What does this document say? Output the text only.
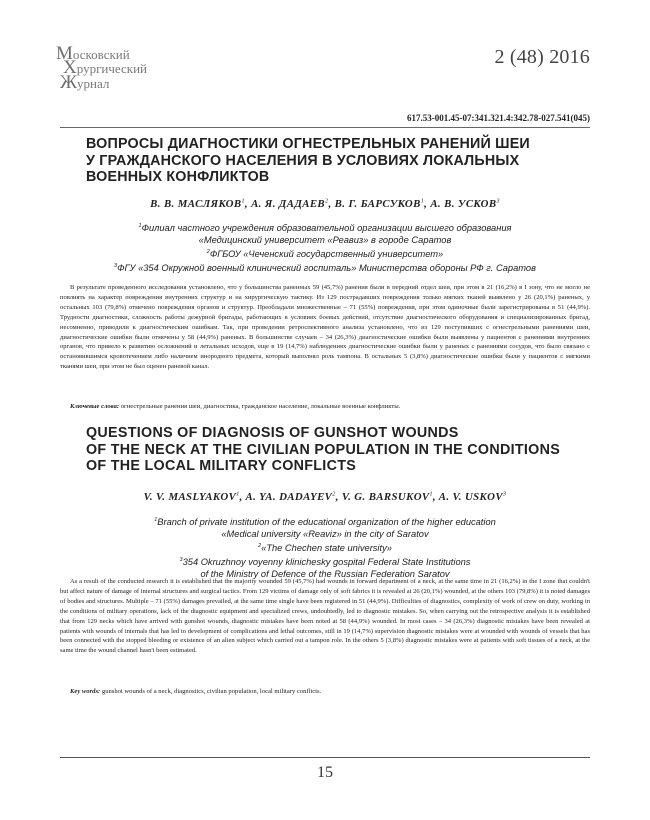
Московский
Хрургический
Журнал
2 (48) 2016
617.53-001.45-07:341.321.4:342.78-027.541(045)
ВОПРОСЫ ДИАГНОСТИКИ ОГНЕСТРЕЛЬНЫХ РАНЕНИЙ ШЕИ
У ГРАЖДАНСКОГО НАСЕЛЕНИЯ В УСЛОВИЯХ ЛОКАЛЬНЫХ
ВОЕННЫХ КОНФЛИКТОВ
В. В. МАСЛЯКОВ$^1$, А. Я. ДАДАЕВ$^2$, В. Г. БАРСУКОВ$^1$, А. В. УСКОВ$^3$
$^1$Филиал частного учреждения образовательной организации высшего образования
«Медицинский университет «Реавиз» в городе Саратов
$^2$ФГБОУ «Чеченский государственный университет»
$^3$ФГУ «354 Окружной военный клинический госпиталь» Министерства обороны РФ г. Саратов

В результате проведенного исследования установлено, что у большинства раненных 59 (45,7%) ранения были в передний отдел шеи, при этом в 21 (16,2%) в I зону, что не могло не повлиять на характер повреждения внутренних структур и на хирургическую тактику. Из 129 пострадавших повреждения только мягких тканей выявлено у 26 (20,1%) раненых, у остальных 103 (79,8%) отмечено повреждения органов и структур. Преобладали множественные – 71 (55%) повреждения, при этом одиночные были зарегистрированы в 51 (44,9%). Трудности диагностики, сложность работы дежурной бригады, работающих в условиях боевых действий, отсутствие диагностического оборудования и специализированных бригад, несомненно, приводили к диагностическим ошибкам. Так, при проведении ретроспективного анализа установлено, что из 129 поступивших с огнестрельными ранениями шеи, диагностические ошибки были отмечены у 58 (44,9%) раненых. В большинстве случаев – 34 (26,3%) диагностические ошибки были выявлены у пациентов с ранениями внутренних органов, что привело к развитию осложнений и летальных исходов, еще в 19 (14,7%) наблюдениях диагностические ошибки были у раненых с ранениями сосудов, что было связано с остановившимся кровотечением либо наличием инородного предмета, который выполнял роль тампона. В остальных 5 (3,8%) диагностические ошибки были у пациентов с мягкими тканями шеи, при этом не был оценен раневой канал.

Ключевые слова: огнестрельные ранения шеи, диагностика, гражданское население, локальные военные конфликты.
QUESTIONS OF DIAGNOSIS OF GUNSHOT WOUNDS
OF THE NECK AT THE CIVILIAN POPULATION IN THE CONDITIONS
OF THE LOCAL MILITARY CONFLICTS
V. V. MASLYAKOV$^1$, A. YA. DADAYEV$^2$, V. G. BARSUKOV$^1$, A. V. USKOV$^3$
$^1$Branch of private institution of the educational organization of the higher education
«Medical university «Reaviz» in the city of Saratov
$^2$«The Chechen state university»
$^3$354 Okruzhnoy voyenny klinichesky gospital Federal State Institutions
of the Ministry of Defence of the Russian Federation Saratov

As a result of the conducted research it is established that the majority wounded 59 (45,7%) had wounds in forward department of a neck, at the same time in 21 (16,2%) in the I zone that couldn't but affect nature of damage of internal structures and surgical tactics. From 129 victims of damage only of soft fabrics it is revealed at 26 (20,1%) wounded, at the others 103 (79,8%) it is noted damages of bodies and structures. Multiple – 71 (55%) damages prevailed, at the same time single have been registered in 51 (44,9%). Difficulties of diagnostics, complexity of work of crew on duty, working in the conditions of military operations, lack of the diagnostic equipment and specialized crews, undoubtedly, led to diagnostic mistakes. So, when carrying out the retrospective analysis it is established that from 129 necks which have arrived with gunshot wounds, diagnostic mistakes have been noted at 58 (44,9%) wounded. In most cases – 34 (26,3%) diagnostic mistakes have been revealed at patients with wounds of internals that has led to development of complications and lethal outcomes, still in 19 (14,7%) supervision diagnostic mistakes were at wounded with wounds of vessels that has been connected with the stopped bleeding or existence of an alien subject which carried out a tampon role. In the others 5 (3,8%) diagnostic mistakes were at patients with soft tissues of a neck, at the same time the wound channel hasn't been estimated.

Key words: gunshot wounds of a neck, diagnostics, civilian population, local military conflicts.
15
